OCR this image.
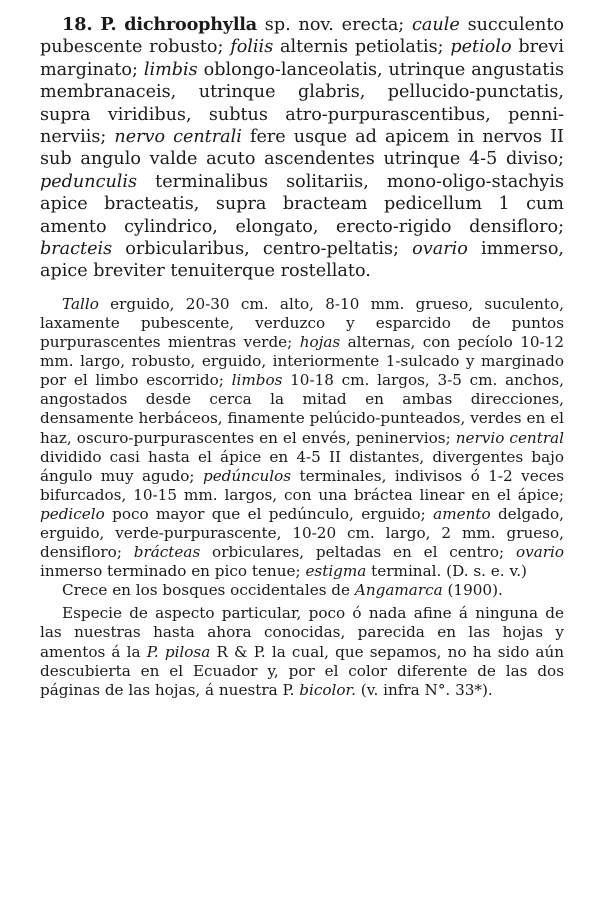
18. P. dichroophylla sp. nov. erecta; caule succulento pubescente robusto; foliis alternis petiolatis; petiolo brevi marginato; limbis oblongo-lanceolatis, utrinque angustatis membranaceis, utrinque glabris, pellucido-punctatis, supra viridibus, subtus atro-purpurascentibus, penni-nerviis; nervo centrali fere usque ad apicem in nervos II sub angulo valde acuto ascendentes utrinque 4-5 diviso; pedunculis terminalibus solitariis, mono-oligo-stachyis apice bracteatis, supra bracteam pedicellum 1 cum amento cylindrico, elongato, erecto-rigido densifloro; bracteis orbicularibus, centro-peltatis; ovario immerso, apice breviter tenuiterque rostellato.

Tallo erguido, 20-30 cm. alto, 8-10 mm. grueso, suculento, laxamente pubescente, verduzco y esparcido de puntos purpurascentes mientras verde; hojas alternas, con pecíolo 10-12 mm. largo, robusto, erguido, interiormente 1-sulcado y marginado por el limbo escorrido; limbos 10-18 cm. largos, 3-5 cm. anchos, angostados desde cerca la mitad en ambas direcciones, densamente herbáceos, finamente pelúcido-punteados, verdes en el haz, oscuro-purpurascentes en el envés, peninervios; nervio central dividido casi hasta el ápice en 4-5 II distantes, divergentes bajo ángulo muy agudo; pedúnculos terminales, indivisos ó 1-2 veces bifurcados, 10-15 mm. largos, con una bráctea linear en el ápice; pedicelo poco mayor que el pedúnculo, erguido; amento delgado, erguido, verde-purpurascente, 10-20 cm. largo, 2 mm. grueso, densifloro; brácteas orbiculares, peltadas en el centro; ovario inmerso terminado en pico tenue; estigma terminal. (D. s. e. v.)

Crece en los bosques occidentales de Angamarca (1900).

Especie de aspecto particular, poco ó nada afine á ninguna de las nuestras hasta ahora conocidas, parecida en las hojas y amentos á la P. pilosa R & P. la cual, que sepamos, no ha sido aún descubierta en el Ecuador y, por el color diferente de las dos páginas de las hojas, á nuestra P. bicolor. (v. infra N°. 33*).
